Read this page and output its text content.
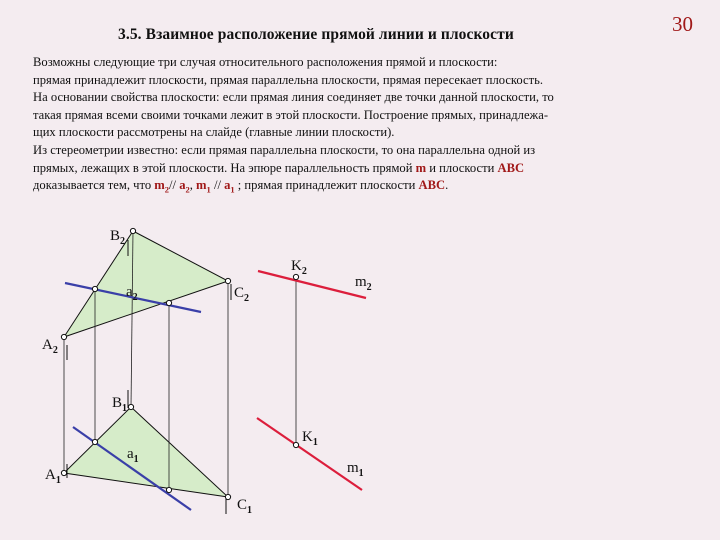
3.5. Взаимное расположение прямой линии и плоскости	30
Возможны следующие три случая относительного расположения прямой и плоскости:
прямая принадлежит плоскости, прямая параллельна плоскости, прямая пересекает плоскость.
На основании свойства плоскости: если прямая линия соединяет две точки данной плоскости, то
такая прямая всеми своими точками лежит в этой плоскости. Построение прямых, принадлежа-
щих плоскости рассмотрены на слайде (главные линии плоскости).
Из стереометрии известно: если прямая параллельна плоскости, то она параллельна одной из
прямых, лежащих в этой плоскости. На эпюре параллельность прямой m и плоскости ABC
доказывается тем, что $m_2//$ $a_2$, $m_1 // a_1$ ; прямая принадлежит плоскости ABC.
$B_2$
$a_2$	$C_2$
$A_2$
$K_2$
$m_2$
$B_1$
$a_1$
$K_1$
$A_1$
$m_1$
$C_1$
